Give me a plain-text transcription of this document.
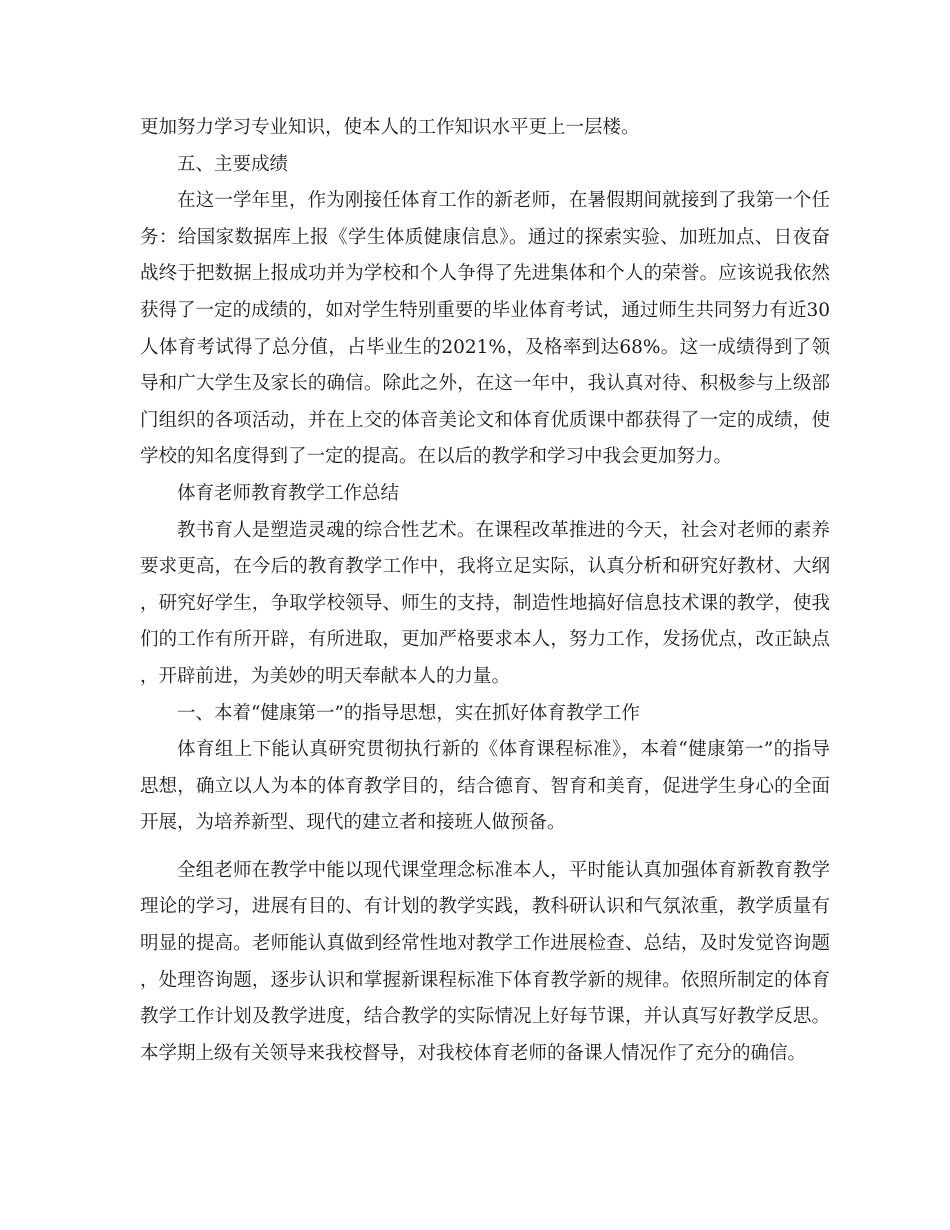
更加努力学习专业知识，使本人的工作知识水平更上一层楼。

五、主要成绩

在这一学年里，作为刚接任体育工作的新老师，在暑假期间就接到了我第一个任务：给国家数据库上报《学生体质健康信息》。通过的探索实验、加班加点、日夜奋战终于把数据上报成功并为学校和个人争得了先进集体和个人的荣誉。应该说我依然获得了一定的成绩的，如对学生特别重要的毕业体育考试，通过师生共同努力有近30人体育考试得了总分值，占毕业生的2021%，及格率到达68%。这一成绩得到了领导和广大学生及家长的确信。除此之外，在这一年中，我认真对待、积极参与上级部门组织的各项活动，并在上交的体音美论文和体育优质课中都获得了一定的成绩，使学校的知名度得到了一定的提高。在以后的教学和学习中我会更加努力。

体育老师教育教学工作总结

教书育人是塑造灵魂的综合性艺术。在课程改革推进的今天，社会对老师的素养要求更高，在今后的教育教学工作中，我将立足实际，认真分析和研究好教材、大纲，研究好学生，争取学校领导、师生的支持，制造性地搞好信息技术课的教学，使我们的工作有所开辟，有所进取，更加严格要求本人，努力工作，发扬优点，改正缺点，开辟前进，为美妙的明天奉献本人的力量。

一、本着“健康第一”的指导思想，实在抓好体育教学工作

体育组上下能认真研究贯彻执行新的《体育课程标准》，本着“健康第一”的指导思想，确立以人为本的体育教学目的，结合德育、智育和美育，促进学生身心的全面开展，为培养新型、现代的建立者和接班人做预备。

全组老师在教学中能以现代课堂理念标准本人，平时能认真加强体育新教育教学理论的学习，进展有目的、有计划的教学实践，教科研认识和气氛浓重，教学质量有明显的提高。老师能认真做到经常性地对教学工作进展检查、总结，及时发觉咨询题，处理咨询题，逐步认识和掌握新课程标准下体育教学新的规律。依照所制定的体育教学工作计划及教学进度，结合教学的实际情况上好每节课，并认真写好教学反思。本学期上级有关领导来我校督导，对我校体育老师的备课人情况作了充分的确信。
